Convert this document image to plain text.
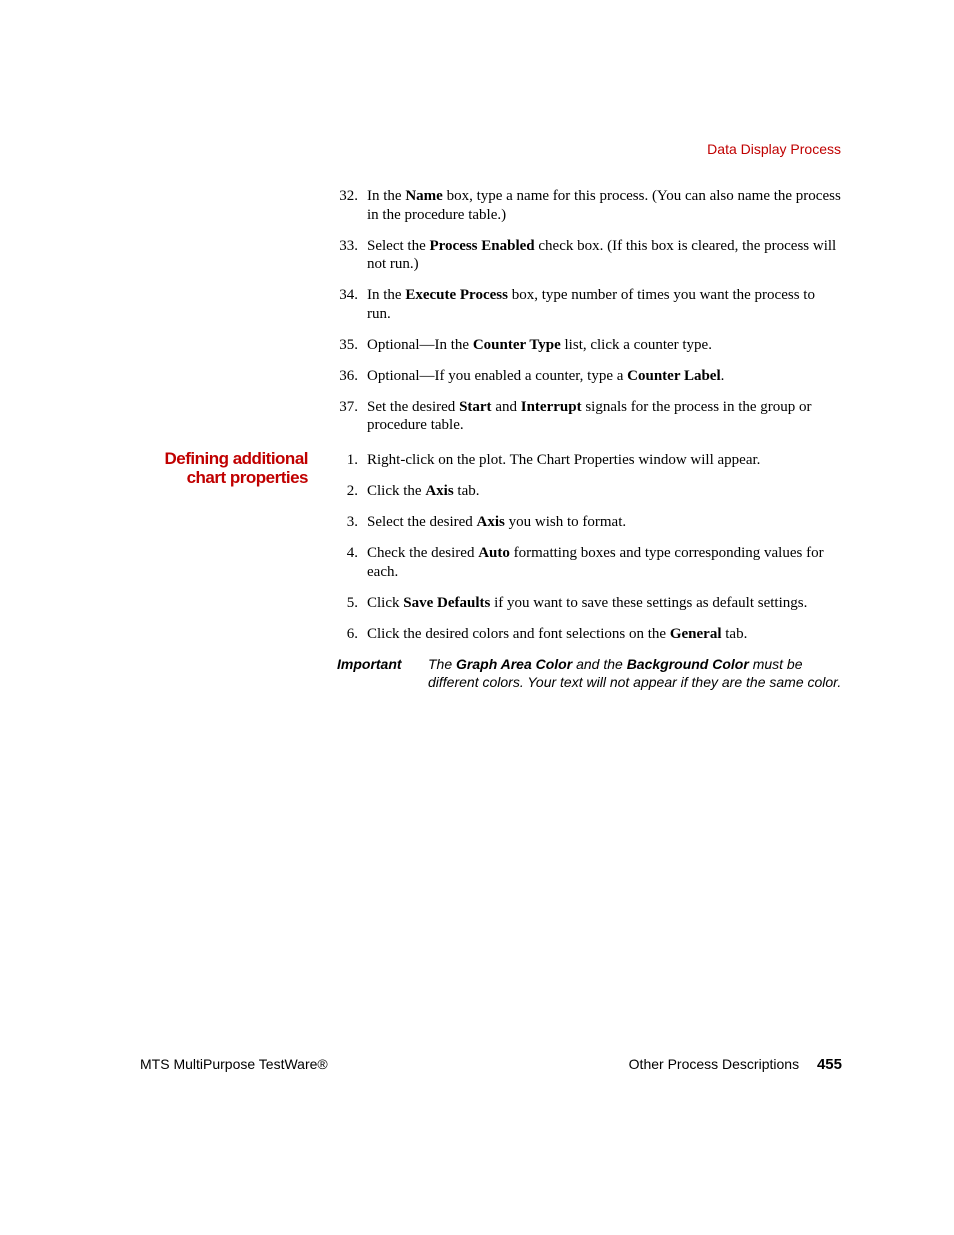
Data Display Process
32. In the Name box, type a name for this process. (You can also name the process in the procedure table.)
33. Select the Process Enabled check box. (If this box is cleared, the process will not run.)
34. In the Execute Process box, type number of times you want the process to run.
35. Optional—In the Counter Type list, click a counter type.
36. Optional—If you enabled a counter, type a Counter Label.
37. Set the desired Start and Interrupt signals for the process in the group or procedure table.
Defining additional
chart properties
1. Right-click on the plot. The Chart Properties window will appear.
2. Click the Axis tab.
3. Select the desired Axis you wish to format.
4. Check the desired Auto formatting boxes and type corresponding values for each.
5. Click Save Defaults if you want to save these settings as default settings.
6. Click the desired colors and font selections on the General tab.
Important The Graph Area Color and the Background Color must be different colors. Your text will not appear if they are the same color.
MTS MultiPurpose TestWare®	Other Process Descriptions 455
